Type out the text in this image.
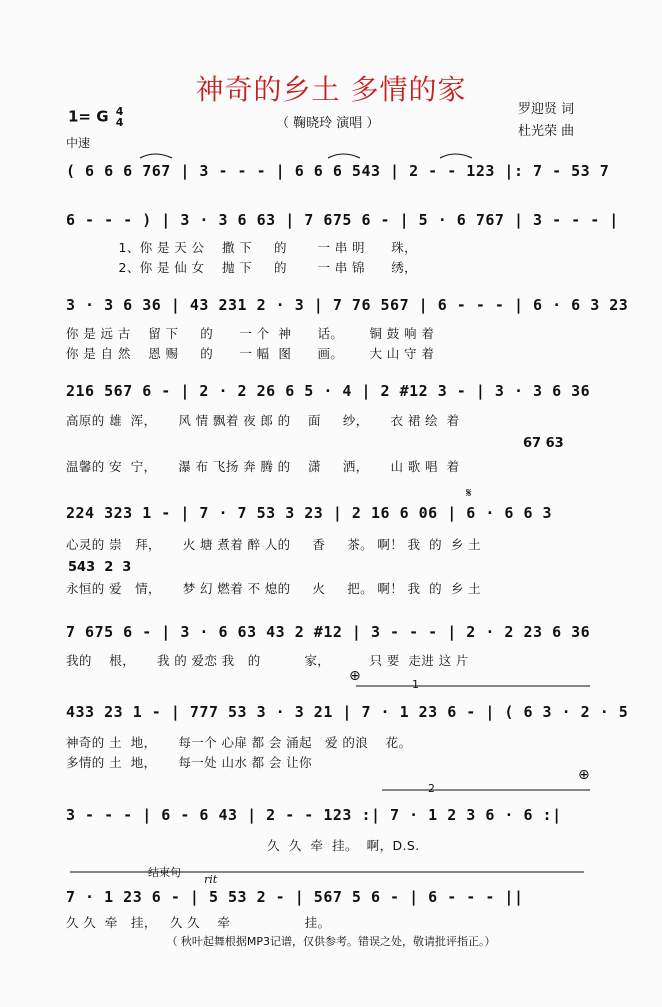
神奇的乡土 多情的家
（ 鞠晓玲 演唱 ）
罗迎贤 词
杜光荣 曲
1= G 4
4
中速
( 6 6 6 767 | 3 - - - | 6 6 6 543 | 2 - - 123 |: 7 - 53 7
6 - - - ) | 3 · 3 6 63 | 7 675 6 - | 5 · 6 767 | 3 - - - |
1、你 是 天 公    撒 下     的       一 串 明      珠，
2、你 是 仙 女    抛 下     的       一 串 锦      绣，
3 · 3 6 36 | 43 231 2 · 3 | 7 76 567 | 6 - - - | 6 · 6 3 23
你 是 远 古    留 下     的      一 个  神      话。      铜 鼓 响 着
你 是 自 然    恩 赐     的      一 幅  图      画。      大 山 守 着
216 567 6 - | 2 · 2 26 6 5 · 4 | 2 #12 3 - | 3 · 3 6 36
高原的 雄  浑，     风 情 飘着 夜 郎 的    面     纱，     衣 裙 绘  着
67 63
温馨的 安  宁，     瀑 布 飞扬 奔 腾 的    潇     洒，     山 歌 唱  着
𝄋
224 323 1 - | 7 · 7 53 3 23 | 2 16 6 06 | 6 · 6 6 3
心灵的 崇   拜，     火 塘 煮着 醉 人的     香     茶。 啊！ 我  的  乡 土
543  2  3
永恒的 爱   情，     梦 幻 燃着 不 熄的     火     把。 啊！ 我  的  乡 土
7 675 6 - | 3 · 6 63 43 2 #12 | 3 - - - | 2 · 2 23 6 36
我的    根，     我 的 爱恋 我   的          家，         只 要  走进 这 片
⊕
1
433 23 1 - | 777 53 3 · 3 21 | 7 · 1 23 6 - | ( 6 3 · 2 · 5
神奇的 土  地，     每一个 心扉 都 会 涌起   爱 的浪    花。
多情的 土  地，     每一处 山水 都 会 让你
⊕
2
3 - - - | 6 - 6 43 | 2 - - 123 :| 7 · 1 2 3 6 · 6 :|
久  久  牵  挂。  啊，D.S.
结束句
rit
7 · 1 23 6 - | 5 53 2 - | 567 5 6 - | 6 - - - ||
久 久  牵   挂，   久 久    牵                 挂。
（ 秋叶起舞根据MP3记谱，仅供参考。错误之处，敬请批评指正。）
